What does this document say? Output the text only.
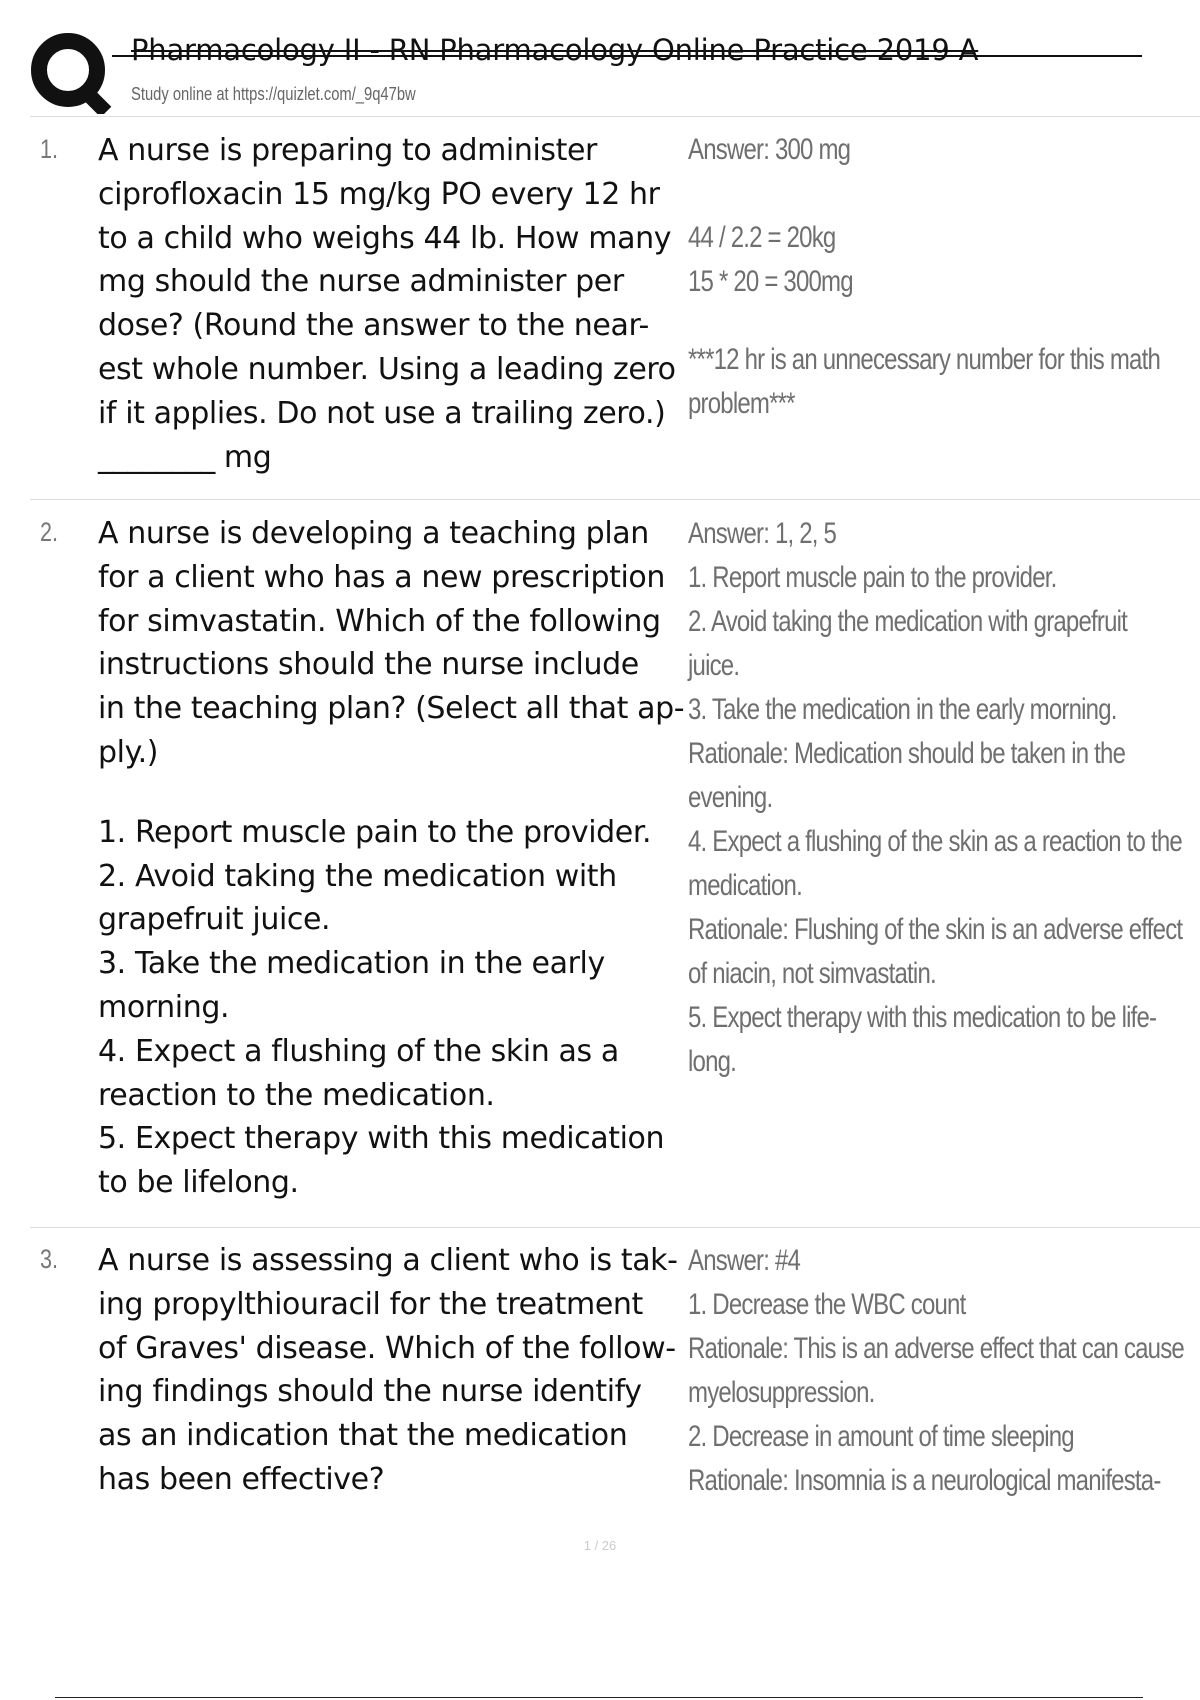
Pharmacology II - RN Pharmacology Online Practice 2019 A
Study online at https://quizlet.com/_9q47bw
1. A nurse is preparing to administer
ciprofloxacin 15 mg/kg PO every 12 hr
to a child who weighs 44 lb. How many
mg should the nurse administer per
dose? (Round the answer to the near-
est whole number. Using a leading zero
if it applies. Do not use a trailing zero.)
________ mg
Answer: 300 mg
44 / 2.2 = 20kg
15 * 20 = 300mg
***12 hr is an unnecessary number for this math
problem***
2. A nurse is developing a teaching plan
for a client who has a new prescription
for simvastatin. Which of the following
instructions should the nurse include
in the teaching plan? (Select all that ap-
ply.)
1. Report muscle pain to the provider.
2. Avoid taking the medication with
grapefruit juice.
3. Take the medication in the early
morning.
4. Expect a flushing of the skin as a
reaction to the medication.
5. Expect therapy with this medication
to be lifelong.
Answer: 1, 2, 5
1. Report muscle pain to the provider.
2. Avoid taking the medication with grapefruit
juice.
3. Take the medication in the early morning.
Rationale: Medication should be taken in the
evening.
4. Expect a flushing of the skin as a reaction to the
medication.
Rationale: Flushing of the skin is an adverse effect
of niacin, not simvastatin.
5. Expect therapy with this medication to be life-
long.
3. A nurse is assessing a client who is tak-
ing propylthiouracil for the treatment
of Graves' disease. Which of the follow-
ing findings should the nurse identify
as an indication that the medication
has been effective?
Answer: #4
1. Decrease the WBC count
Rationale: This is an adverse effect that can cause
myelosuppression.
2. Decrease in amount of time sleeping
Rationale: Insomnia is a neurological manifesta-
1 / 26
